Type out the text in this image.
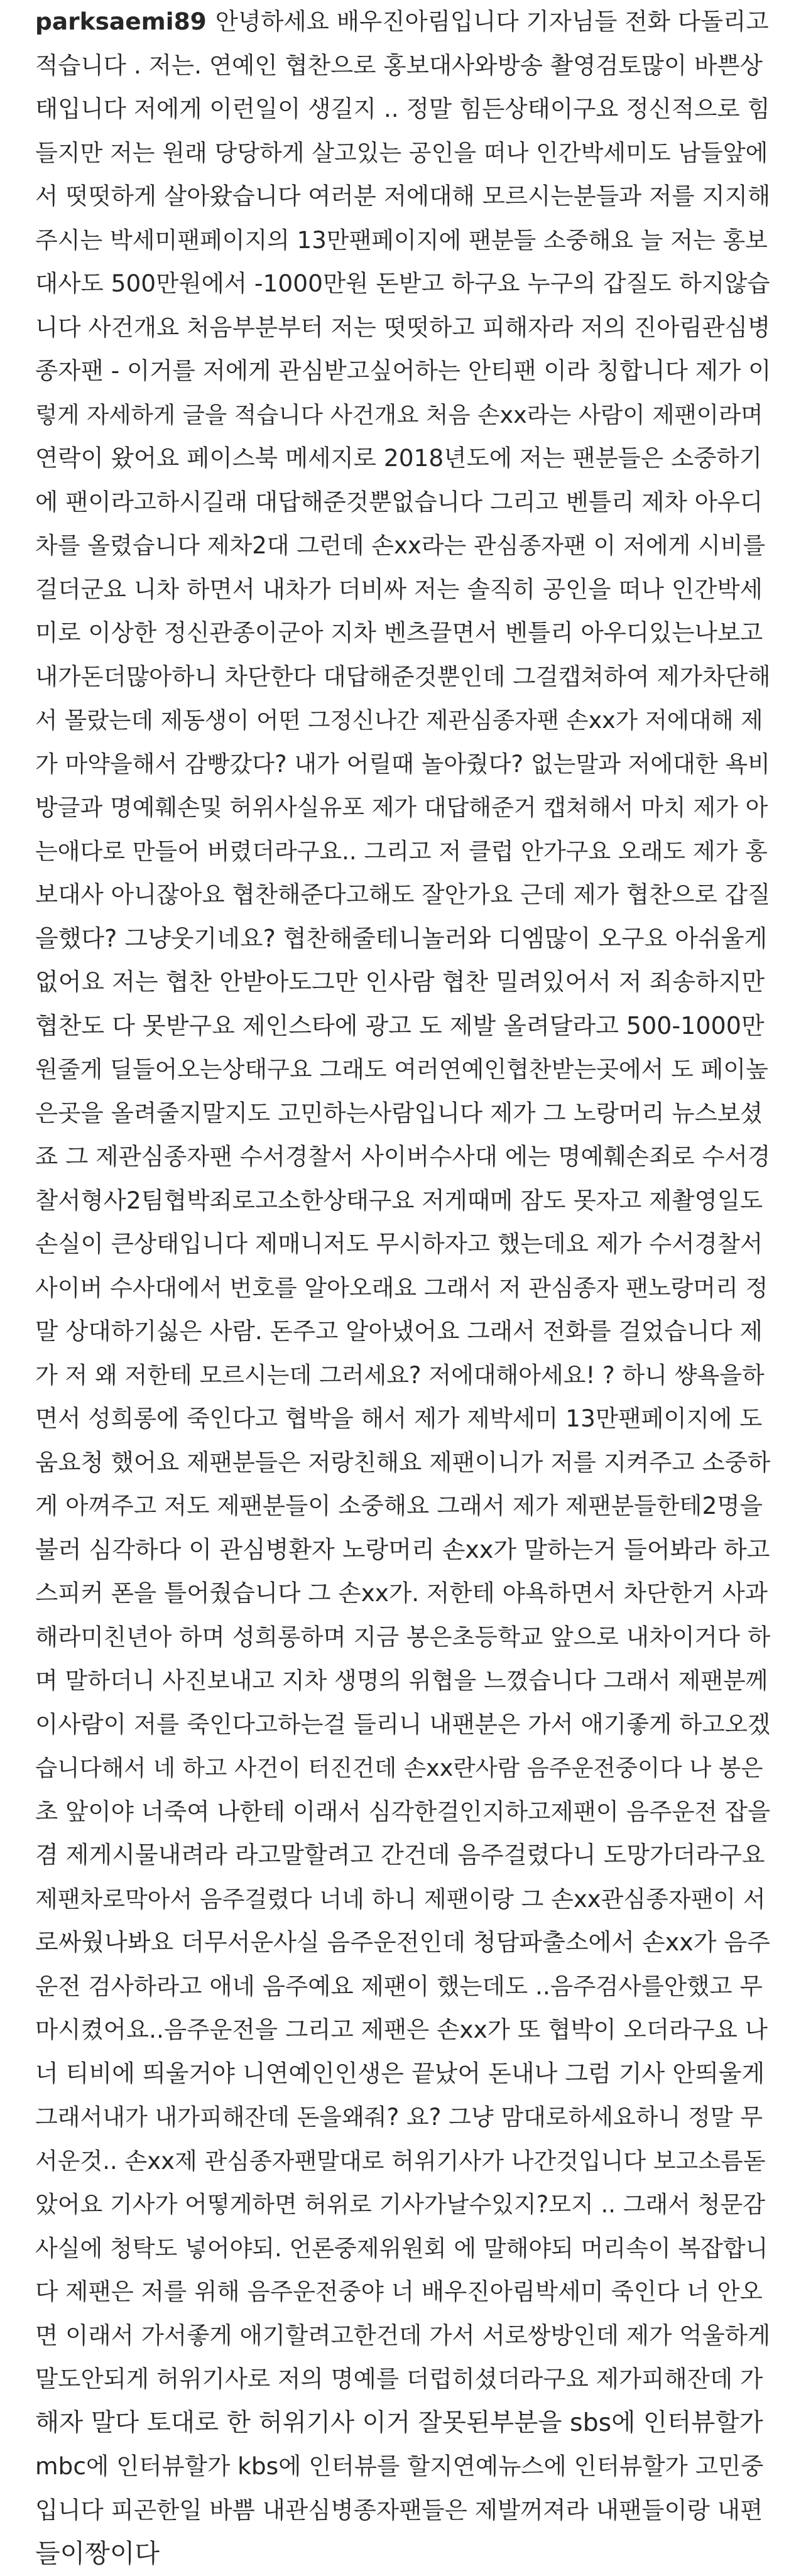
parksaemi89 안녕하세요 배우진아림입니다 기자님들 전화 다돌리고
적습니다 . 저는. 연예인 협찬으로 홍보대사와방송 촬영검토많이 바쁜상
태입니다 저에게 이런일이 생길지 .. 정말 힘든상태이구요 정신적으로 힘
들지만 저는 원래 당당하게 살고있는 공인을 떠나 인간박세미도 남들앞에
서 떳떳하게 살아왔습니다 여러분 저에대해 모르시는분들과 저를 지지해
주시는 박세미팬페이지의 13만팬페이지에 팬분들 소중해요 늘 저는 홍보
대사도 500만원에서 -1000만원 돈받고 하구요 누구의 갑질도 하지않습
니다 사건개요 처음부분부터 저는 떳떳하고 피해자라 저의 진아림관심병
종자팬 - 이거를 저에게 관심받고싶어하는 안티팬 이라 칭합니다 제가 이
렇게 자세하게 글을 적습니다 사건개요 처음 손xx라는 사람이 제팬이라며
연락이 왔어요 페이스북 메세지로 2018년도에 저는 팬분들은 소중하기
에 팬이라고하시길래 대답해준것뿐없습니다 그리고 벤틀리 제차 아우디
차를 올렸습니다 제차2대 그런데 손xx라는 관심종자팬 이 저에게 시비를
걸더군요 니차 하면서 내차가 더비싸 저는 솔직히 공인을 떠나 인간박세
미로 이상한 정신관종이군아 지차 벤츠끌면서 벤틀리 아우디있는나보고
내가돈더많아하니 차단한다 대답해준것뿐인데 그걸캡쳐하여 제가차단해
서 몰랐는데 제동생이 어떤 그정신나간 제관심종자팬 손xx가 저에대해 제
가 마약을해서 감빵갔다? 내가 어릴때 놀아줬다? 없는말과 저에대한 욕비
방글과 명예훼손및 허위사실유포 제가 대답해준거 캡쳐해서 마치 제가 아
는애다로 만들어 버렸더라구요.. 그리고 저 클럽 안가구요 오래도 제가 홍
보대사 아니잖아요 협찬해준다고해도 잘안가요 근데 제가 협찬으로 갑질
을했다? 그냥웃기네요? 협찬해줄테니놀러와 디엠많이 오구요 아쉬울게
없어요 저는 협찬 안받아도그만 인사람 협찬 밀려있어서 저 죄송하지만
협찬도 다 못받구요 제인스타에 광고 도 제발 올려달라고 500-1000만
원줄게 딜들어오는상태구요 그래도 여러연예인협찬받는곳에서 도 페이높
은곳을 올려줄지말지도 고민하는사람입니다 제가 그 노랑머리 뉴스보셨
죠 그 제관심종자팬 수서경찰서 사이버수사대 에는 명예훼손죄로 수서경
찰서형사2팀협박죄로고소한상태구요 저게때메 잠도 못자고 제촬영일도
손실이 큰상태입니다 제매니저도 무시하자고 했는데요 제가 수서경찰서
사이버 수사대에서 번호를 알아오래요 그래서 저 관심종자 팬노랑머리 정
말 상대하기싫은 사람. 돈주고 알아냈어요 그래서 전화를 걸었습니다 제
가 저 왜 저한테 모르시는데 그러세요? 저에대해아세요! ? 하니 썅욕을하
면서 성희롱에 죽인다고 협박을 해서 제가 제박세미 13만팬페이지에 도
움요청 했어요 제팬분들은 저랑친해요 제팬이니가 저를 지켜주고 소중하
게 아껴주고 저도 제팬분들이 소중해요 그래서 제가 제팬분들한테2명을
불러 심각하다 이 관심병환자 노랑머리 손xx가 말하는거 들어봐라 하고
스피커 폰을 틀어줬습니다 그 손xx가. 저한테 야욕하면서 차단한거 사과
해라미친년아 하며 성희롱하며 지금 봉은초등학교 앞으로 내차이거다 하
며 말하더니 사진보내고 지차 생명의 위협을 느꼈습니다 그래서 제팬분께
이사람이 저를 죽인다고하는걸 들리니 내팬분은 가서 애기좋게 하고오겠
습니다해서 네 하고 사건이 터진건데 손xx란사람 음주운전중이다 나 봉은
초 앞이야 너죽여 나한테 이래서 심각한걸인지하고제팬이 음주운전 잡을
겸 제게시물내려라 라고말할려고 간건데 음주걸렸다니 도망가더라구요
제팬차로막아서 음주걸렸다 너네 하니 제팬이랑 그 손xx관심종자팬이 서
로싸웠나봐요 더무서운사실 음주운전인데 청담파출소에서 손xx가 음주
운전 검사하라고 애네 음주예요 제팬이 했는데도 ..음주검사를안했고 무
마시켰어요..음주운전을 그리고 제팬은 손xx가 또 협박이 오더라구요 나
너 티비에 띄울거야 니연예인인생은 끝났어 돈내나 그럼 기사 안띄울게
그래서내가 내가피해잔데 돈을왜줘? 요? 그냥 맘대로하세요하니 정말 무
서운것.. 손xx제 관심종자팬말대로 허위기사가 나간것입니다 보고소름돋
았어요 기사가 어떻게하면 허위로 기사가날수있지?모지 .. 그래서 청문감
사실에 청탁도 넣어야되. 언론중제위원회 에 말해야되 머리속이 복잡합니
다 제팬은 저를 위해 음주운전중야 너 배우진아림박세미 죽인다 너 안오
면 이래서 가서좋게 애기할려고한건데 가서 서로쌍방인데 제가 억울하게
말도안되게 허위기사로 저의 명예를 더럽히셨더라구요 제가피해잔데 가
해자 말다 토대로 한 허위기사 이거 잘못된부분을 sbs에 인터뷰할가
mbc에 인터뷰할가 kbs에 인터뷰를 할지연예뉴스에 인터뷰할가 고민중
입니다 피곤한일 바쁨 내관심병종자팬들은 제발꺼져라 내팬들이랑 내편
들이짱이다
